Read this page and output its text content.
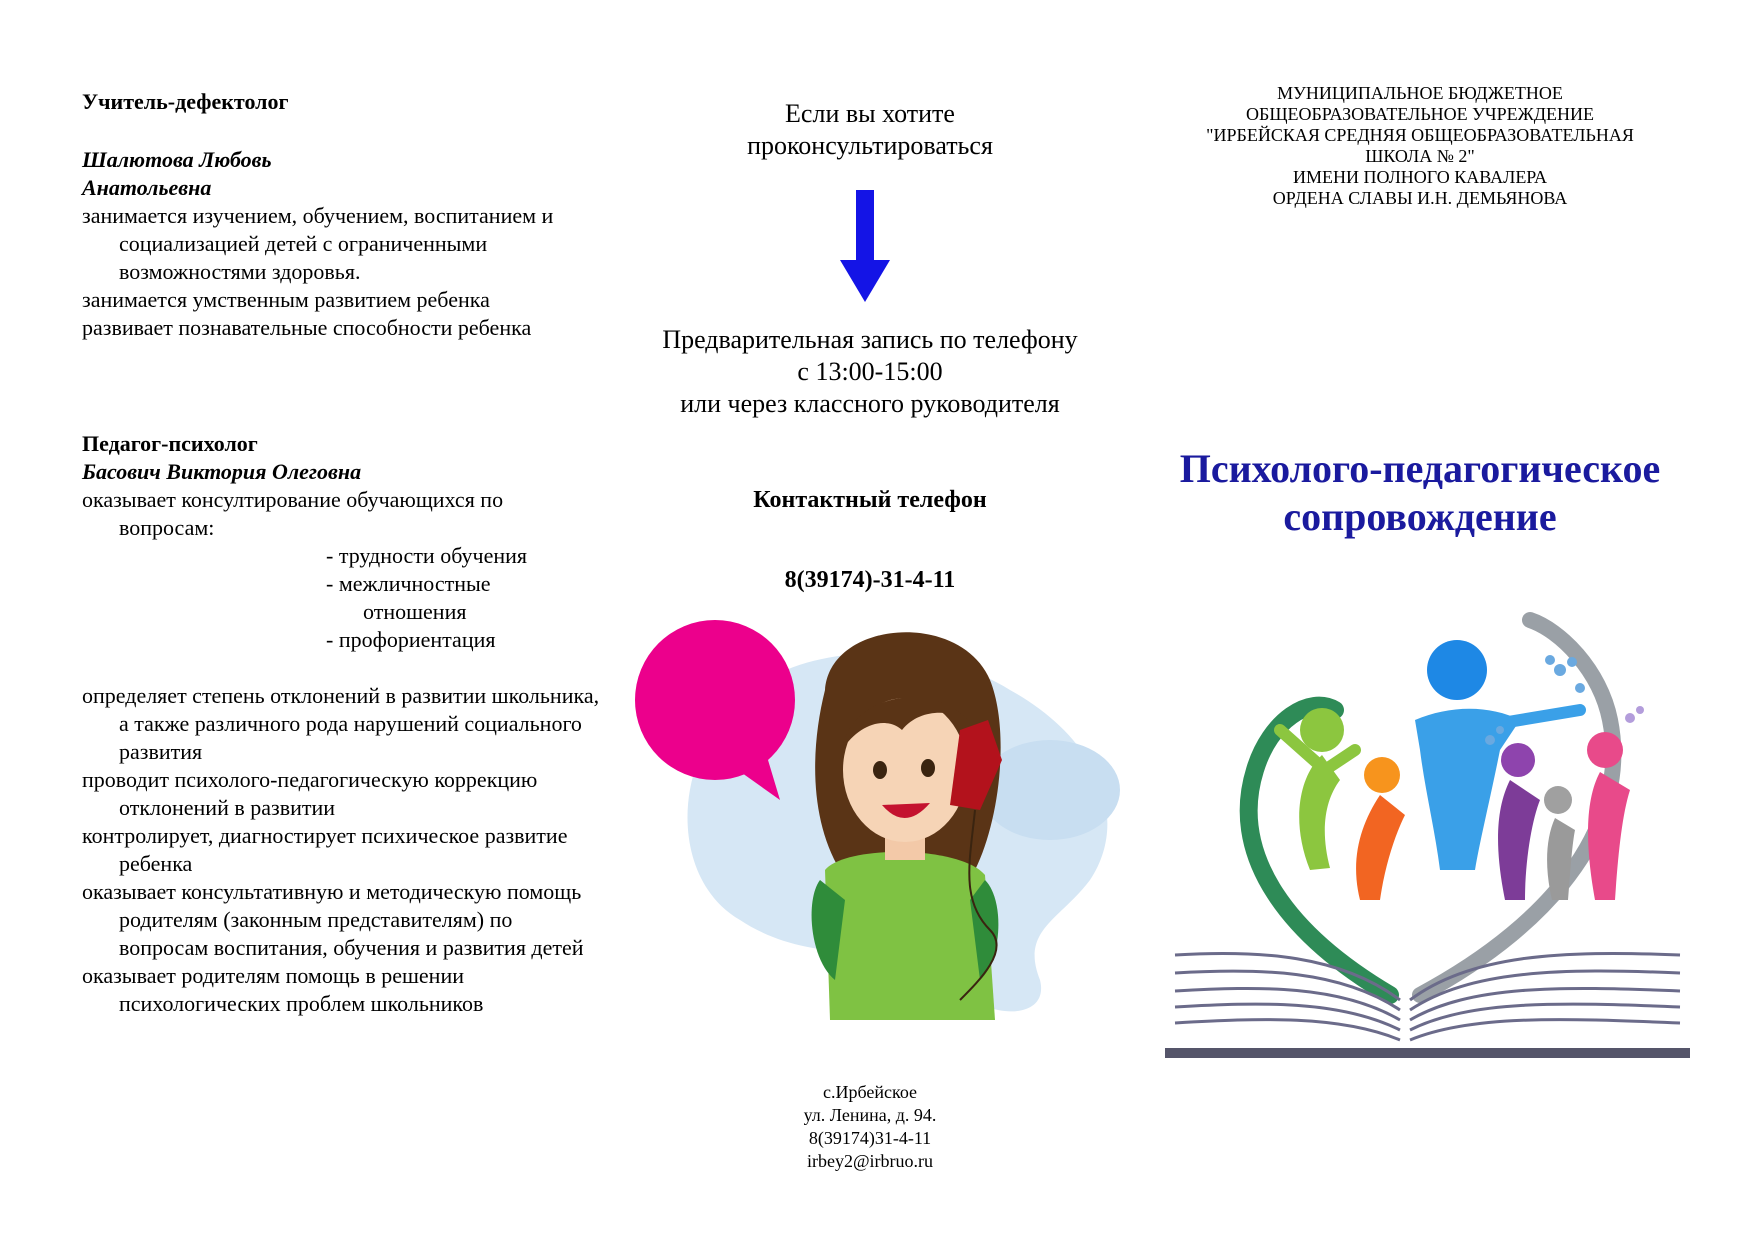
Учитель-дефектолог

Шалютова Любовь

Анатольевна

занимается изучением, обучением, воспитанием и социализацией детей с ограниченными возможностями здоровья.

занимается умственным развитием ребенка

развивает познавательные способности ребенка

Педагог-психолог

Басович Виктория Олеговна

оказывает консултирование обучающихся по вопросам:

- трудности обучения

- межличностные отношения

- профориентация

определяет степень отклонений в развитии школьника, а также различного рода нарушений социального развития

проводит психолого-педагогическую коррекцию отклонений в развитии

контролирует, диагностирует психическое развитие ребенка

оказывает консультативную и методическую помощь родителям (законным представителям) по вопросам воспитания, обучения и развития детей

оказывает родителям помощь в решении психологических проблем школьников

Если вы хотите
проконсультироваться
Предварительная запись по телефону
с 13:00-15:00
или через классного руководителя
Контактный телефон
8(39174)-31-4-11
с.Ирбейское
ул. Ленина, д. 94.
8(39174)31-4-11
irbey2@irbruo.ru
МУНИЦИПАЛЬНОЕ БЮДЖЕТНОЕ
ОБЩЕОБРАЗОВАТЕЛЬНОЕ УЧРЕЖДЕНИЕ
"ИРБЕЙСКАЯ СРЕДНЯЯ ОБЩЕОБРАЗОВАТЕЛЬНАЯ
ШКОЛА № 2"
ИМЕНИ ПОЛНОГО КАВАЛЕРА
ОРДЕНА СЛАВЫ И.Н. ДЕМЬЯНОВА
Психолого-педагогическое
сопровождение
